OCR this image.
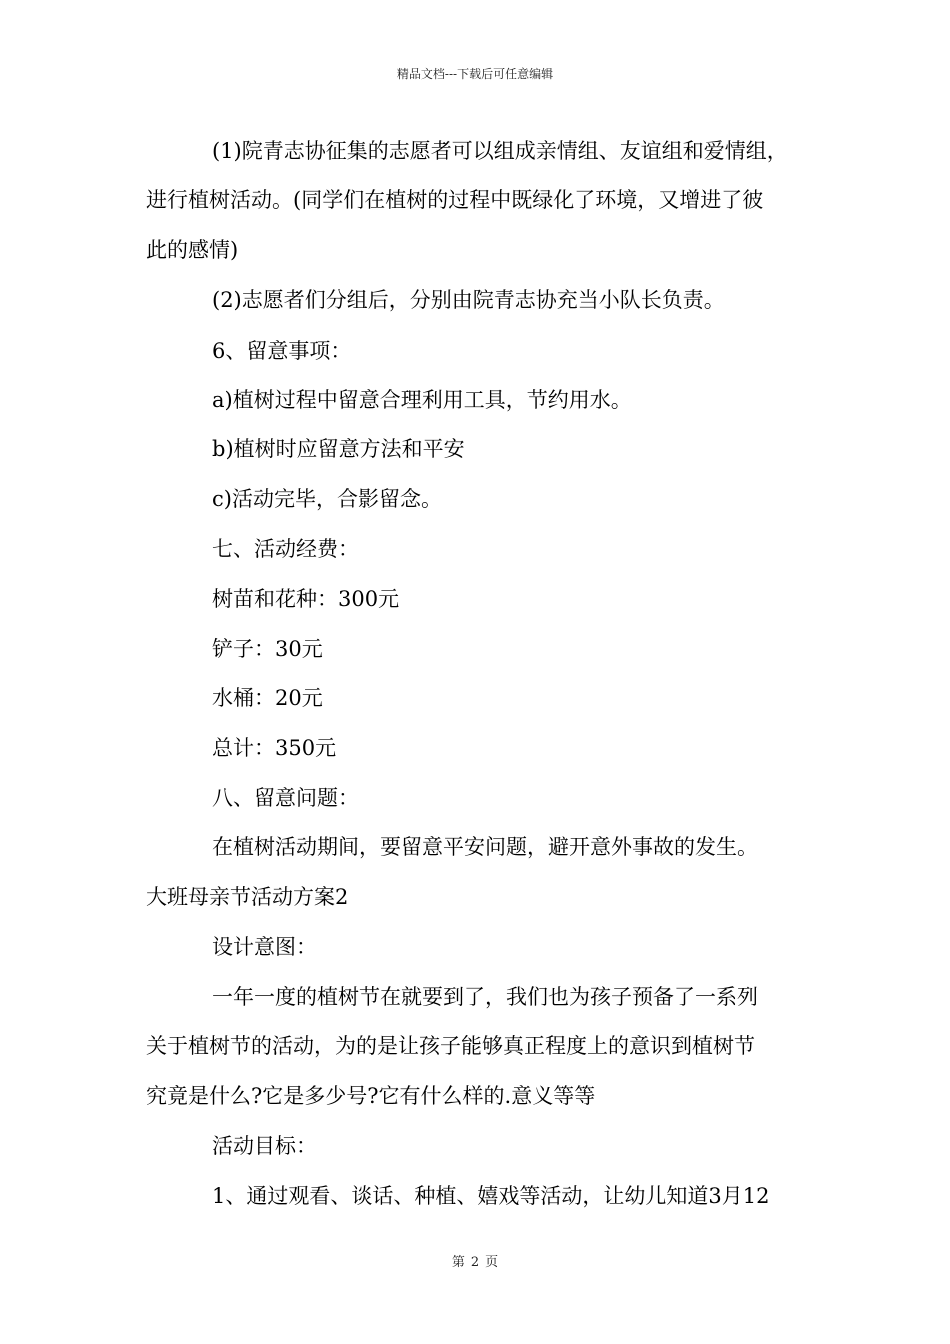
精品文档---下载后可任意编辑
(1)院青志协征集的志愿者可以组成亲情组、友谊组和爱情组，
进行植树活动。(同学们在植树的过程中既绿化了环境，又增进了彼
此的感情)
(2)志愿者们分组后，分别由院青志协充当小队长负责。
6、留意事项：
a)植树过程中留意合理利用工具，节约用水。
b)植树时应留意方法和平安
c)活动完毕，合影留念。
七、活动经费：
树苗和花种：300元
铲子：30元
水桶：20元
总计：350元
八、留意问题：
在植树活动期间，要留意平安问题，避开意外事故的发生。
大班母亲节活动方案2
设计意图：
一年一度的植树节在就要到了，我们也为孩子预备了一系列
关于植树节的活动，为的是让孩子能够真正程度上的意识到植树节
究竟是什么?它是多少号?它有什么样的.意义等等
活动目标：
1、通过观看、谈话、种植、嬉戏等活动，让幼儿知道3月12
第 2 页
